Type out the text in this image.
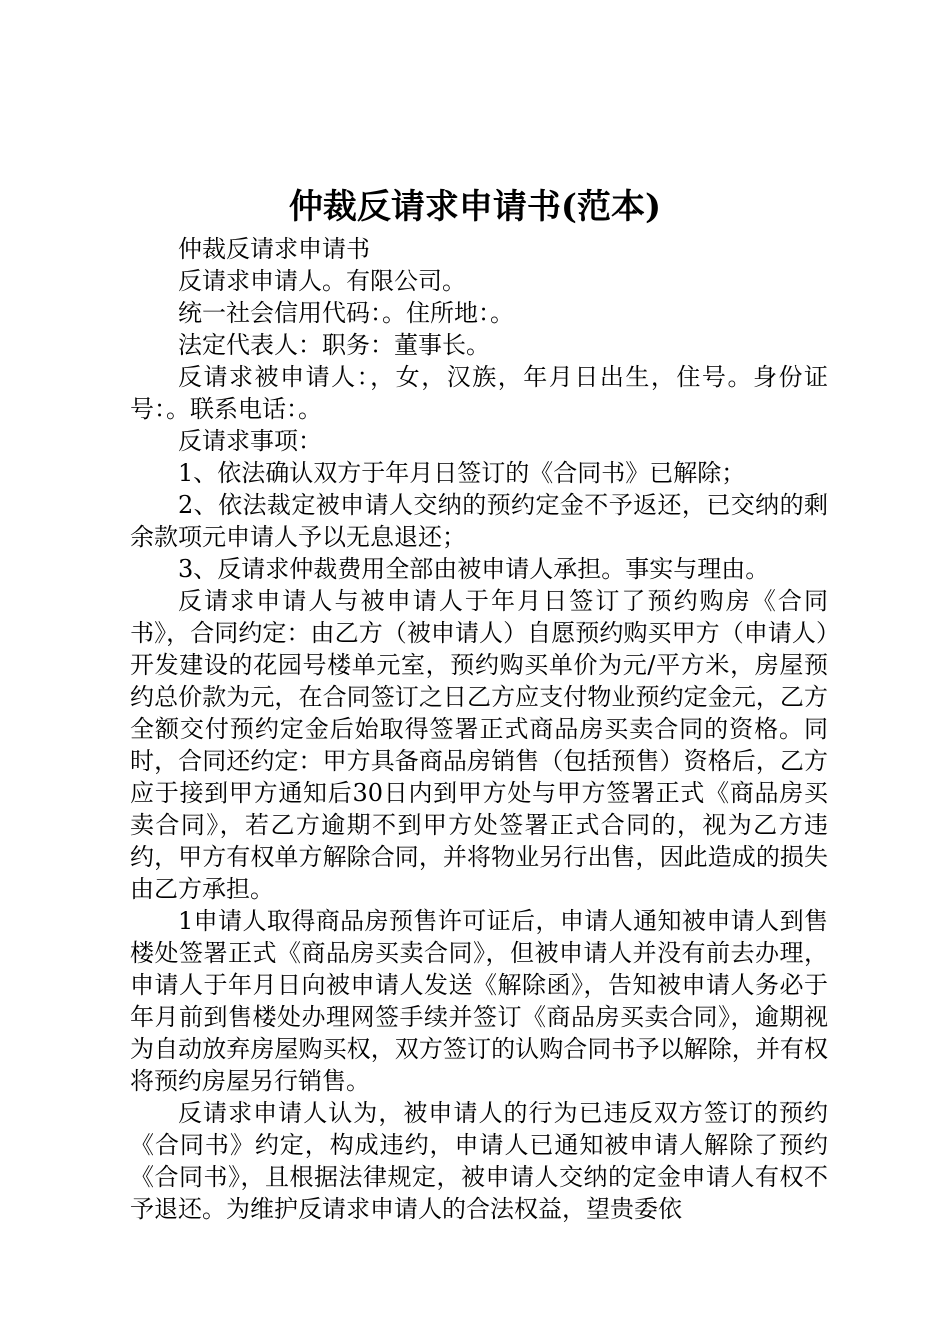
仲裁反请求申请书(范本)

仲裁反请求申请书

反请求申请人。有限公司。

统一社会信用代码：。住所地：。

法定代表人：职务：董事长。

反请求被申请人：，女，汉族，年月日出生，住号。身份证号：。联系电话：。

反请求事项：

1、依法确认双方于年月日签订的《合同书》已解除；

2、依法裁定被申请人交纳的预约定金不予返还，已交纳的剩余款项元申请人予以无息退还；

3、反请求仲裁费用全部由被申请人承担。事实与理由。

反请求申请人与被申请人于年月日签订了预约购房《合同书》，合同约定：由乙方（被申请人）自愿预约购买甲方（申请人）开发建设的花园号楼单元室，预约购买单价为元/平方米，房屋预约总价款为元，在合同签订之日乙方应支付物业预约定金元，乙方全额交付预约定金后始取得签署正式商品房买卖合同的资格。同时，合同还约定：甲方具备商品房销售（包括预售）资格后，乙方应于接到甲方通知后30日内到甲方处与甲方签署正式《商品房买卖合同》，若乙方逾期不到甲方处签署正式合同的，视为乙方违约，甲方有权单方解除合同，并将物业另行出售，因此造成的损失由乙方承担。

1申请人取得商品房预售许可证后，申请人通知被申请人到售楼处签署正式《商品房买卖合同》，但被申请人并没有前去办理，申请人于年月日向被申请人发送《解除函》，告知被申请人务必于年月前到售楼处办理网签手续并签订《商品房买卖合同》，逾期视为自动放弃房屋购买权，双方签订的认购合同书予以解除，并有权将预约房屋另行销售。

反请求申请人认为，被申请人的行为已违反双方签订的预约《合同书》约定，构成违约，申请人已通知被申请人解除了预约《合同书》，且根据法律规定，被申请人交纳的定金申请人有权不予退还。为维护反请求申请人的合法权益，望贵委依
